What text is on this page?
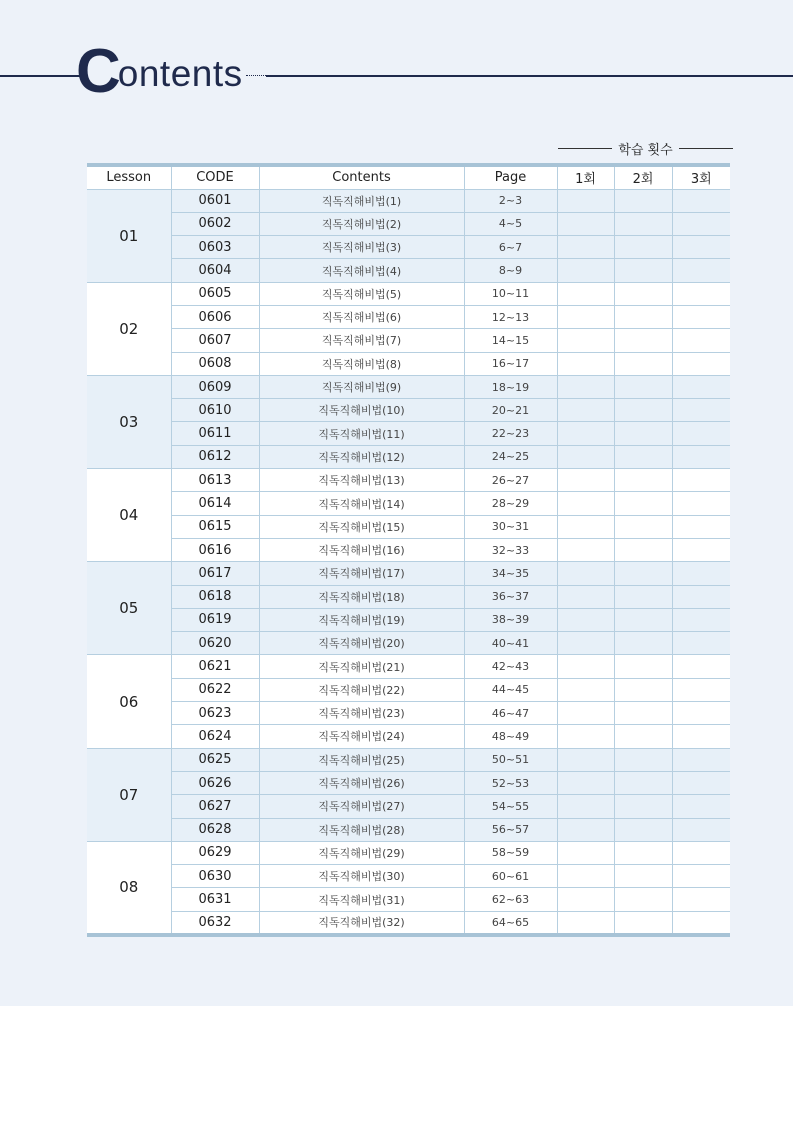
C ontents
학습 횟수
Lesson	CODE	Contents	Page	1회	2회	3회
01	0601	직독직해비법(1)	2~3			
	0602	직독직해비법(2)	4~5			
	0603	직독직해비법(3)	6~7			
	0604	직독직해비법(4)	8~9			
02	0605	직독직해비법(5)	10~11			
	0606	직독직해비법(6)	12~13			
	0607	직독직해비법(7)	14~15			
	0608	직독직해비법(8)	16~17			
03	0609	직독직해비법(9)	18~19			
	0610	직독직해비법(10)	20~21			
	0611	직독직해비법(11)	22~23			
	0612	직독직해비법(12)	24~25			
04	0613	직독직해비법(13)	26~27			
	0614	직독직해비법(14)	28~29			
	0615	직독직해비법(15)	30~31			
	0616	직독직해비법(16)	32~33			
05	0617	직독직해비법(17)	34~35			
	0618	직독직해비법(18)	36~37			
	0619	직독직해비법(19)	38~39			
	0620	직독직해비법(20)	40~41			
06	0621	직독직해비법(21)	42~43			
	0622	직독직해비법(22)	44~45			
	0623	직독직해비법(23)	46~47			
	0624	직독직해비법(24)	48~49			
07	0625	직독직해비법(25)	50~51			
	0626	직독직해비법(26)	52~53			
	0627	직독직해비법(27)	54~55			
	0628	직독직해비법(28)	56~57			
08	0629	직독직해비법(29)	58~59			
	0630	직독직해비법(30)	60~61			
	0631	직독직해비법(31)	62~63			
	0632	직독직해비법(32)	64~65			
